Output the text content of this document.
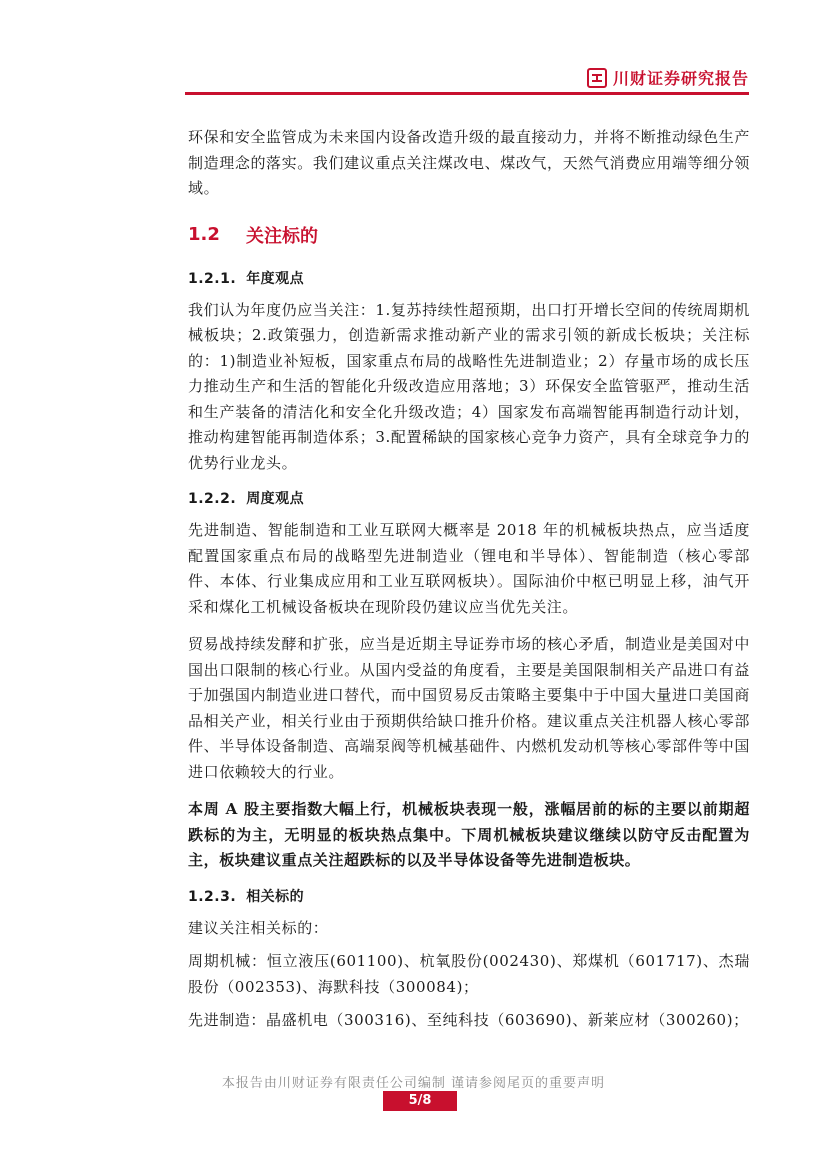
川财证券研究报告

环保和安全监管成为未来国内设备改造升级的最直接动力，并将不断推动绿色生产制造理念的落实。我们建议重点关注煤改电、煤改气，天然气消费应用端等细分领域。

1.2	关注标的
1.2.1. 年度观点

我们认为年度仍应当关注：1.复苏持续性超预期，出口打开增长空间的传统周期机械板块；2.政策强力，创造新需求推动新产业的需求引领的新成长板块；关注标的：1)制造业补短板，国家重点布局的战略性先进制造业；2）存量市场的成长压力推动生产和生活的智能化升级改造应用落地；3）环保安全监管驱严，推动生活和生产装备的清洁化和安全化升级改造；4）国家发布高端智能再制造行动计划，推动构建智能再制造体系；3.配置稀缺的国家核心竞争力资产，具有全球竞争力的优势行业龙头。

1.2.2. 周度观点

先进制造、智能制造和工业互联网大概率是 2018 年的机械板块热点，应当适度配置国家重点布局的战略型先进制造业（锂电和半导体）、智能制造（核心零部件、本体、行业集成应用和工业互联网板块）。国际油价中枢已明显上移，油气开采和煤化工机械设备板块在现阶段仍建议应当优先关注。

贸易战持续发酵和扩张，应当是近期主导证券市场的核心矛盾，制造业是美国对中国出口限制的核心行业。从国内受益的角度看，主要是美国限制相关产品进口有益于加强国内制造业进口替代，而中国贸易反击策略主要集中于中国大量进口美国商品相关产业，相关行业由于预期供给缺口推升价格。建议重点关注机器人核心零部件、半导体设备制造、高端泵阀等机械基础件、内燃机发动机等核心零部件等中国进口依赖较大的行业。

本周 A 股主要指数大幅上行，机械板块表现一般，涨幅居前的标的主要以前期超跌标的为主，无明显的板块热点集中。下周机械板块建议继续以防守反击配置为主，板块建议重点关注超跌标的以及半导体设备等先进制造板块。

1.2.3. 相关标的

建议关注相关标的：

周期机械：恒立液压(601100)、杭氧股份(002430)、郑煤机（601717)、杰瑞股份（002353)、海默科技（300084)；

先进制造：晶盛机电（300316)、至纯科技（603690)、新莱应材（300260)；

本报告由川财证券有限责任公司编制 谨请参阅尾页的重要声明
5/8
